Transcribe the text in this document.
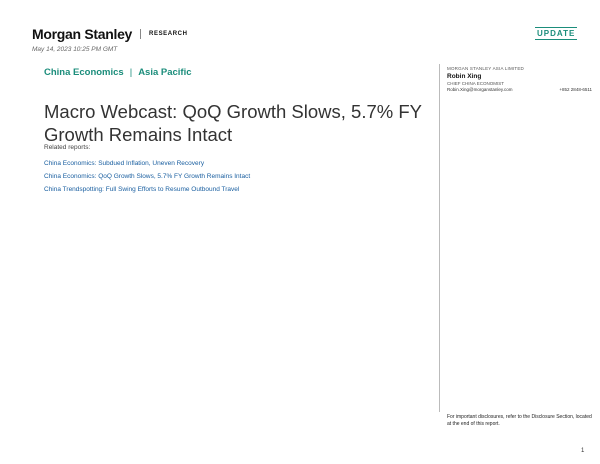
Morgan Stanley	RESEARCH
May 14, 2023 10:25 PM GMT
UPDATE
China Economics | Asia Pacific
Macro Webcast: QoQ Growth Slows, 5.7% FY Growth Remains Intact
Related reports:
China Economics: Subdued Inflation, Uneven Recovery
China Economics: QoQ Growth Slows, 5.7% FY Growth Remains Intact
China Trendspotting: Full Swing Efforts to Resume Outbound Travel
MORGAN STANLEY ASIA LIMITED
Robin Xing
CHIEF CHINA ECONOMIST
Robin.Xing@morganstanley.com	+852 2848-6511
For important disclosures, refer to the Disclosure Section, located at the end of this report.
1
